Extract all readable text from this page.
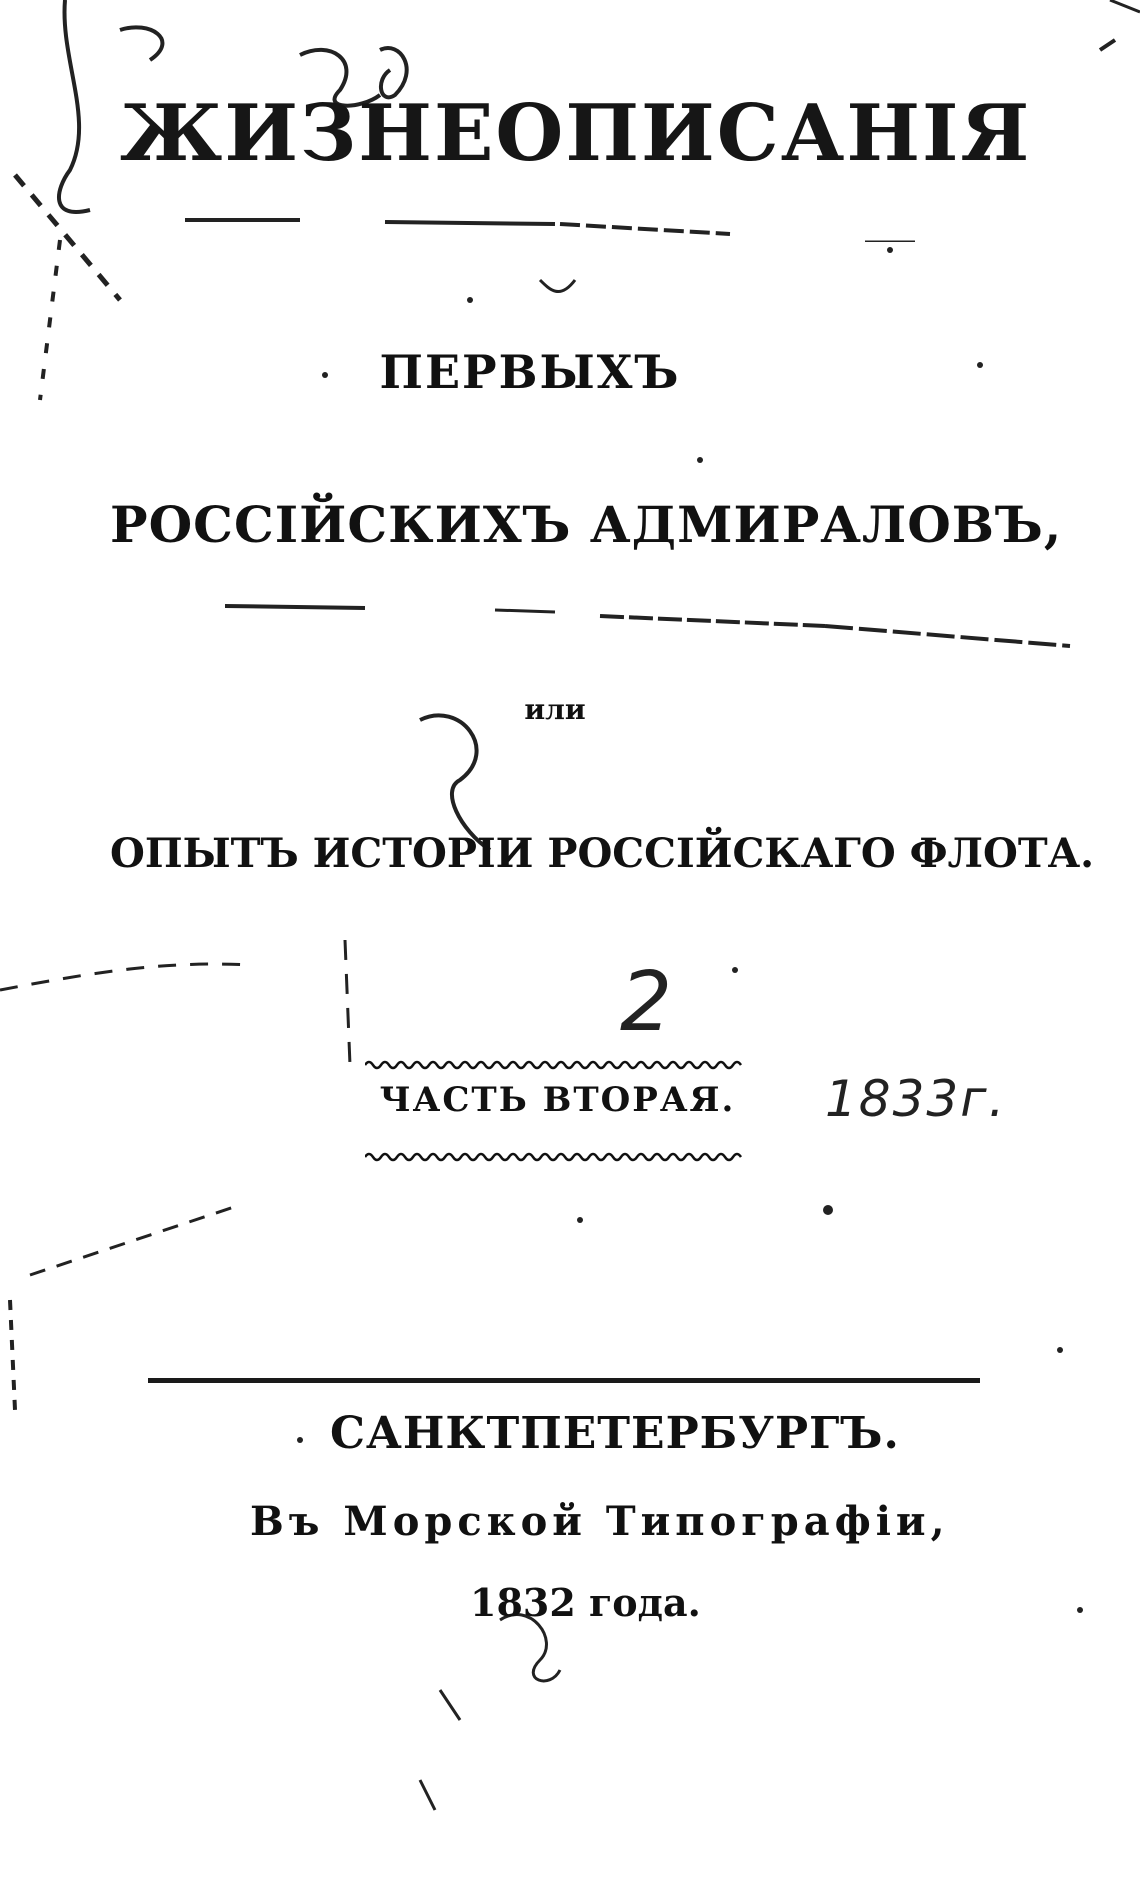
ЖИЗНЕОПИСАНІЯ
ПЕРВЫХЪ
РОССІЙСКИХЪ АДМИРАЛОВЪ,
или
ОПЫТЪ ИСТОРІИ РОССІЙСКАГО ФЛОТА.
ЧАСТЬ ВТОРАЯ.
2
1833г.
САНКТПЕТЕРБУРГЪ.
Въ Морской Типографіи,
1832 года.
